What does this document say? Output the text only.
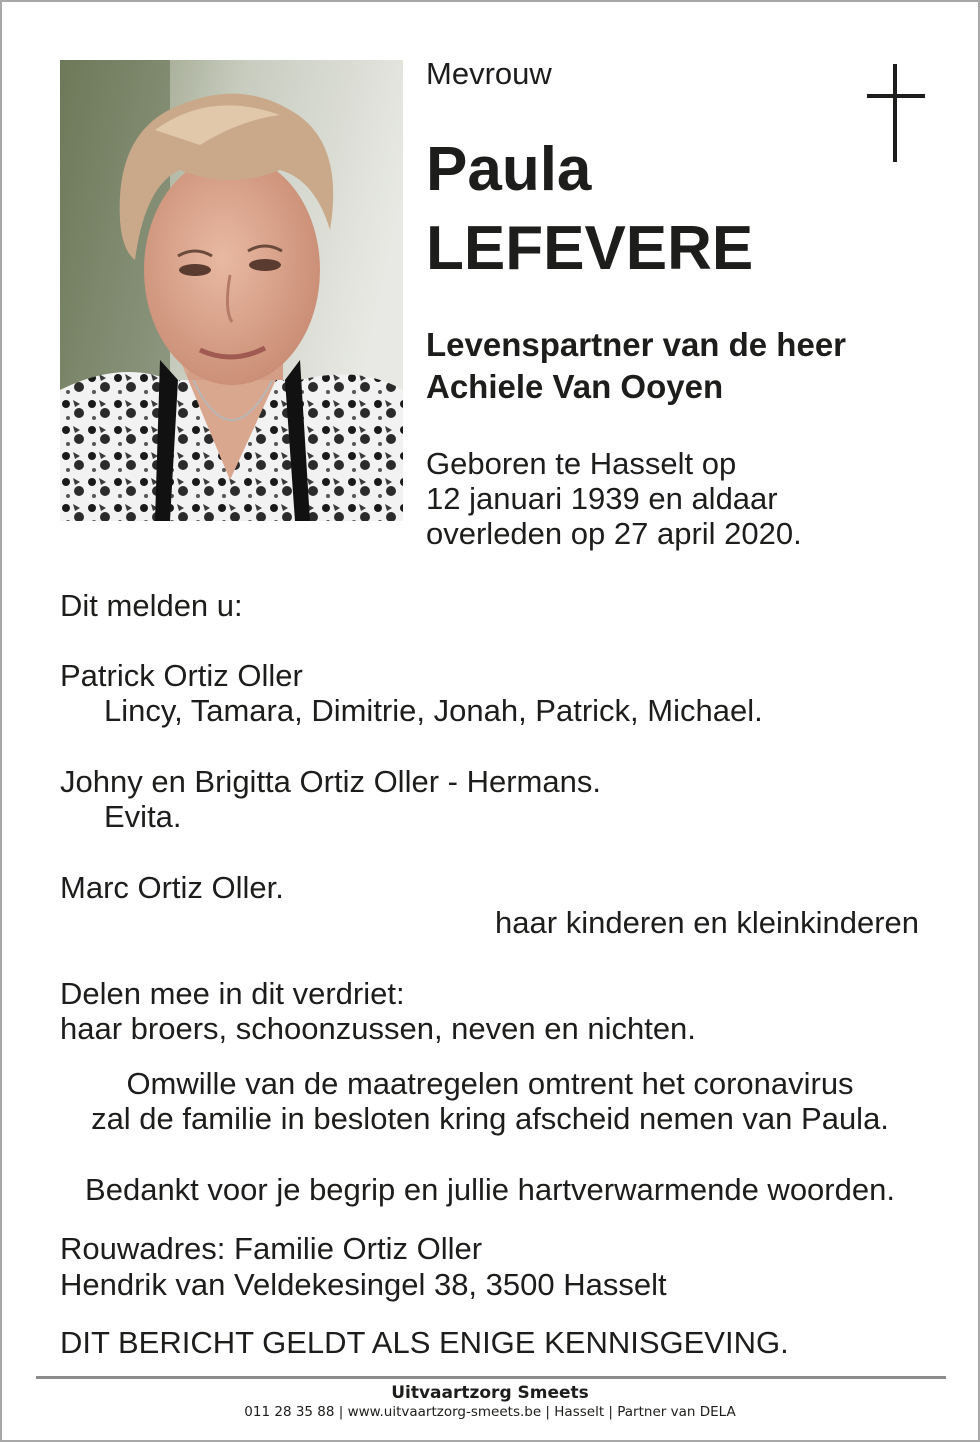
Mevrouw
Paula
LEFEVERE
Levenspartner van de heer
Achiele Van Ooyen
Geboren te Hasselt op
12 januari 1939 en aldaar
overleden op 27 april 2020.
Dit melden u:
Patrick Ortiz Oller
Lincy, Tamara, Dimitrie, Jonah, Patrick, Michael.
Johny en Brigitta Ortiz Oller - Hermans.
Evita.
Marc Ortiz Oller.
haar kinderen en kleinkinderen
Delen mee in dit verdriet:
haar broers, schoonzussen, neven en nichten.
Omwille van de maatregelen omtrent het coronavirus
zal de familie in besloten kring afscheid nemen van Paula.
Bedankt voor je begrip en jullie hartverwarmende woorden.
Rouwadres: Familie Ortiz Oller
Hendrik van Veldekesingel 38, 3500 Hasselt
DIT BERICHT GELDT ALS ENIGE KENNISGEVING.
Uitvaartzorg Smeets
011 28 35 88 | www.uitvaartzorg-smeets.be | Hasselt | Partner van DELA
